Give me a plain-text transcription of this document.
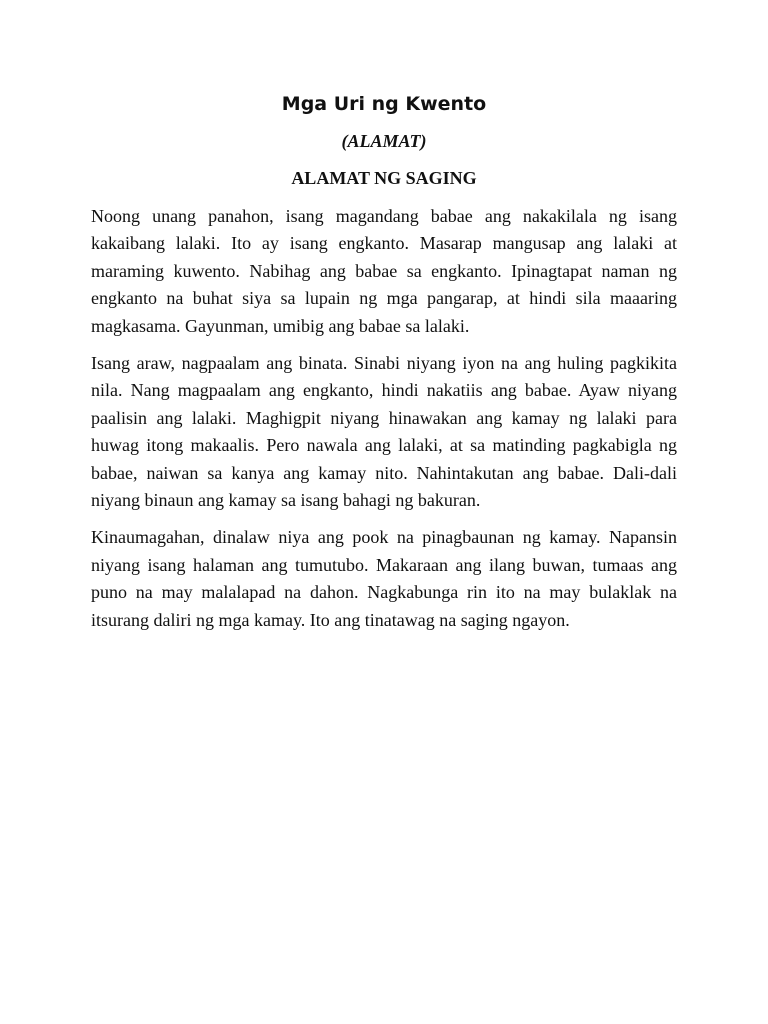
Mga Uri ng Kwento
(ALAMAT)
ALAMAT NG SAGING

Noong unang panahon, isang magandang babae ang nakakilala ng isang kakaibang lalaki. Ito ay isang engkanto. Masarap mangusap ang lalaki at maraming kuwento. Nabihag ang babae sa engkanto. Ipinagtapat naman ng engkanto na buhat siya sa lupain ng mga pangarap, at hindi sila maaaring magkasama. Gayunman, umibig ang babae sa lalaki.

Isang araw, nagpaalam ang binata. Sinabi niyang iyon na ang huling pagkikita nila. Nang magpaalam ang engkanto, hindi nakatiis ang babae. Ayaw niyang paalisin ang lalaki. Maghigpit niyang hinawakan ang kamay ng lalaki para huwag itong makaalis. Pero nawala ang lalaki, at sa matinding pagkabigla ng babae, naiwan sa kanya ang kamay nito. Nahintakutan ang babae. Dali-dali niyang binaun ang kamay sa isang bahagi ng bakuran.

Kinaumagahan, dinalaw niya ang pook na pinagbaunan ng kamay. Napansin niyang isang halaman ang tumutubo. Makaraan ang ilang buwan, tumaas ang puno na may malalapad na dahon. Nagkabunga rin ito na may bulaklak na itsurang daliri ng mga kamay. Ito ang tinatawag na saging ngayon.
